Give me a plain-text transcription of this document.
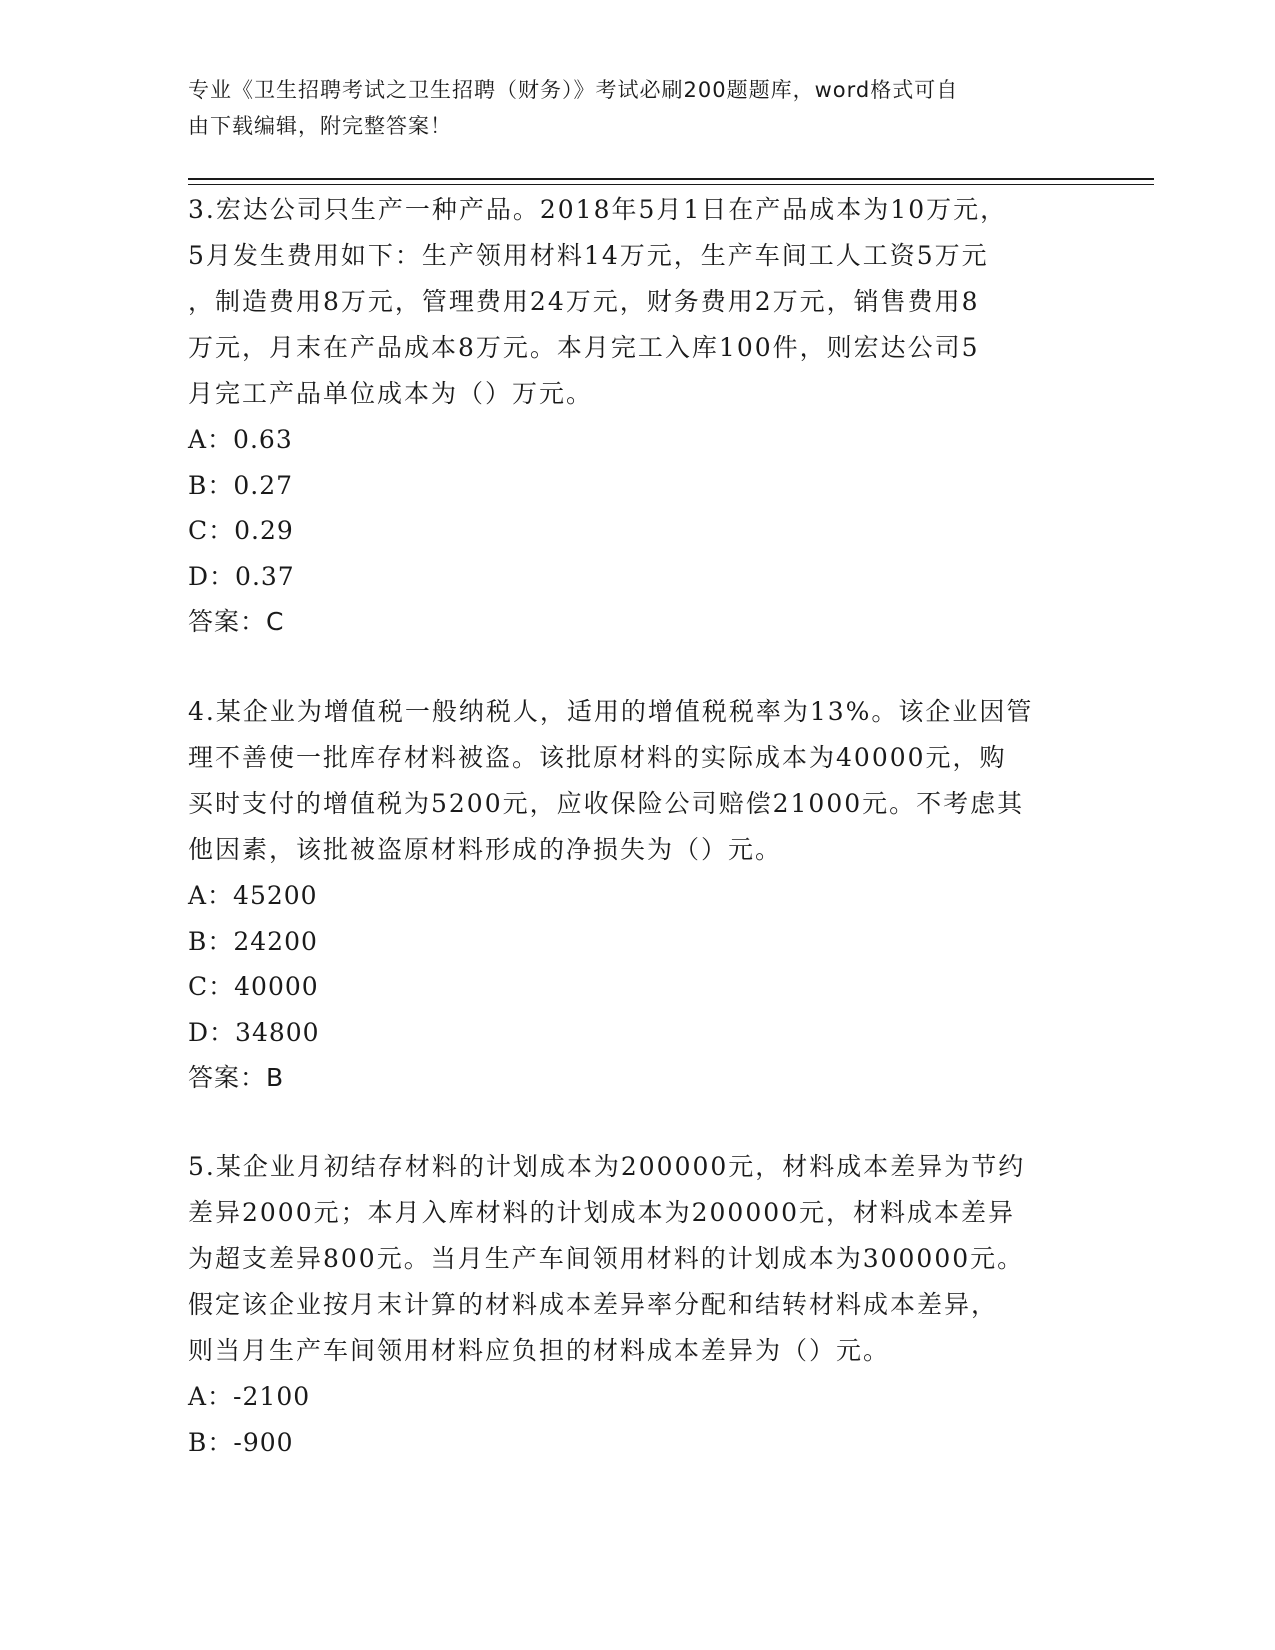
专业《卫生招聘考试之卫生招聘（财务）》考试必刷200题题库，word格式可自
由下载编辑，附完整答案！

3.宏达公司只生产一种产品。2018年5月1日在产品成本为10万元，

5月发生费用如下：生产领用材料14万元，生产车间工人工资5万元

，制造费用8万元，管理费用24万元，财务费用2万元，销售费用8

万元，月末在产品成本8万元。本月完工入库100件，则宏达公司5

月完工产品单位成本为（）万元。

A：0.63

B：0.27

C：0.29

D：0.37

答案：C

4.某企业为增值税一般纳税人，适用的增值税税率为13%。该企业因管

理不善使一批库存材料被盗。该批原材料的实际成本为40000元，购

买时支付的增值税为5200元，应收保险公司赔偿21000元。不考虑其

他因素，该批被盗原材料形成的净损失为（）元。

A：45200

B：24200

C：40000

D：34800

答案：B

5.某企业月初结存材料的计划成本为200000元，材料成本差异为节约

差异2000元；本月入库材料的计划成本为200000元，材料成本差异

为超支差异800元。当月生产车间领用材料的计划成本为300000元。

假定该企业按月末计算的材料成本差异率分配和结转材料成本差异，

则当月生产车间领用材料应负担的材料成本差异为（）元。

A：-2100

B：-900
